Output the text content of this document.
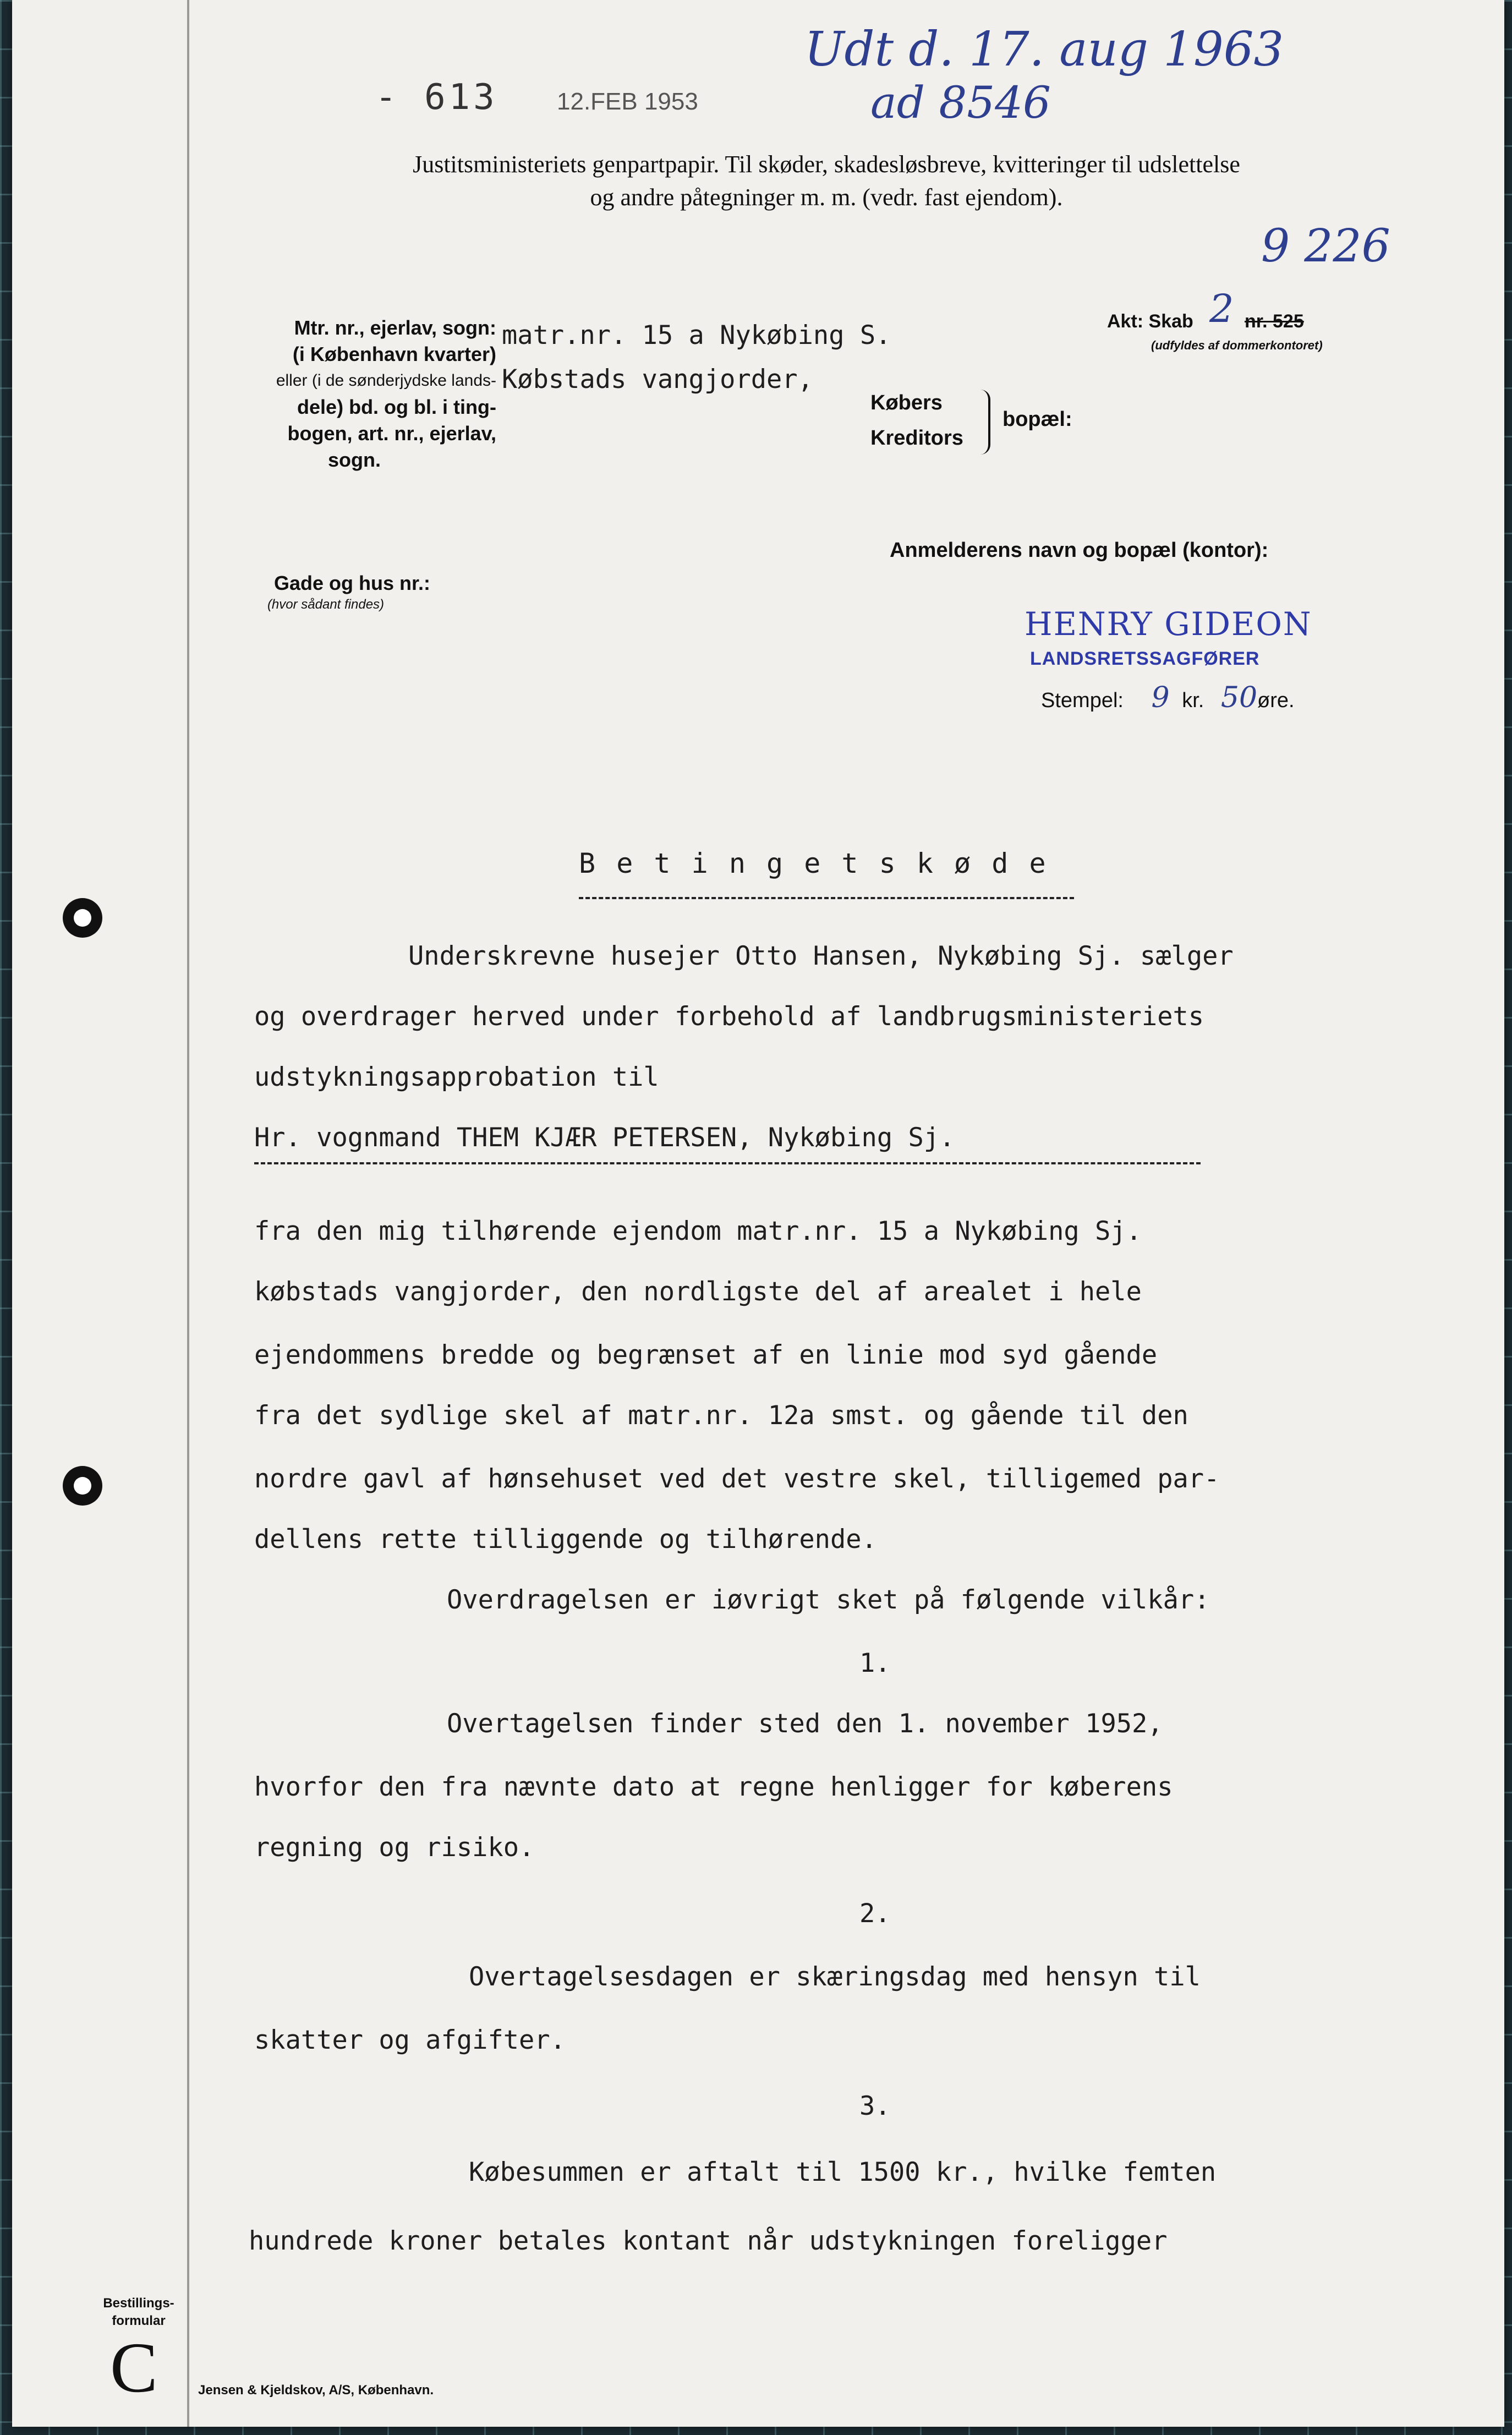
- 613 12.FEB 1953
Udt d. 17. aug 1963
ad 8546
Justitsministeriets genpartpapir. Til skøder, skadesløsbreve, kvitteringer til udslettelse
og andre påtegninger m. m. (vedr. fast ejendom).
9 226
Mtr. nr., ejerlav, sogn:
(i København kvarter)
eller (i de sønderjydske lands-
dele) bd. og bl. i ting-
bogen, art. nr., ejerlav,
sogn.
Gade og hus nr.:
(hvor sådant findes)
matr.nr. 15 a Nykøbing S.
Købstads vangjorder,
Akt: Skab 2 nr. 525
(udfyldes af dommerkontoret)
Købers
Kreditors
bopæl:
Anmelderens navn og bopæl (kontor):
HENRY GIDEON
LANDSRETSSAGFØRER
Stempel: 9 kr. 50øre.
B e t i n g e t s k ø d e
Underskrevne husejer Otto Hansen, Nykøbing Sj. sælger
og overdrager herved under forbehold af landbrugsministeriets
udstykningsapprobation til
Hr. vognmand THEM KJÆR PETERSEN, Nykøbing Sj.
fra den mig tilhørende ejendom matr.nr. 15 a Nykøbing Sj.
købstads vangjorder, den nordligste del af arealet i hele
ejendommens bredde og begrænset af en linie mod syd gående
fra det sydlige skel af matr.nr. 12a smst. og gående til den
nordre gavl af hønsehuset ved det vestre skel, tilligemed par-
dellens rette tilliggende og tilhørende.
Overdragelsen er iøvrigt sket på følgende vilkår:
1.
Overtagelsen finder sted den 1. november 1952,
hvorfor den fra nævnte dato at regne henligger for køberens
regning og risiko.
2.
Overtagelsesdagen er skæringsdag med hensyn til
skatter og afgifter.
3.
Købesummen er aftalt til 1500 kr., hvilke femten
hundrede kroner betales kontant når udstykningen foreligger
Bestillings-
formular
C	Jensen & Kjeldskov, A/S, København.
